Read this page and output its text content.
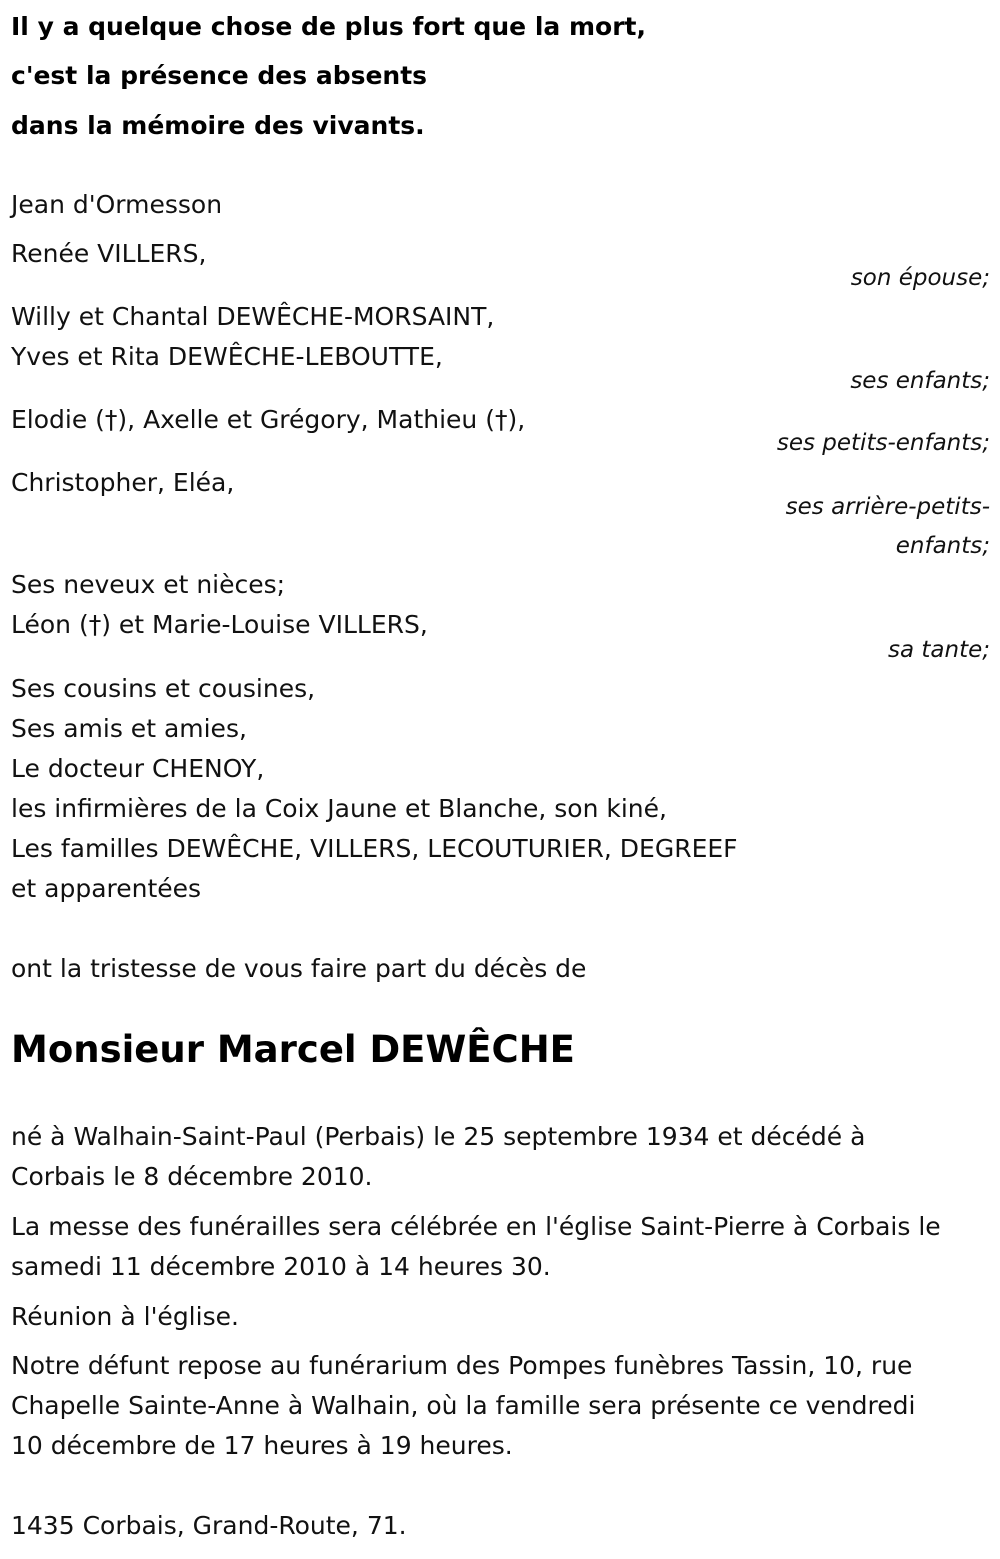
Il y a quelque chose de plus fort que la mort,

c'est la présence des absents

dans la mémoire des vivants.

Jean d'Ormesson

Renée VILLERS,

son épouse;

Willy et Chantal DEWÊCHE-MORSAINT,

Yves et Rita DEWÊCHE-LEBOUTTE,

ses enfants;

Elodie (†), Axelle et Grégory, Mathieu (†),

ses petits-enfants;

Christopher, Eléa,

ses arrière-petits-

enfants;

Ses neveux et nièces;

Léon (†) et Marie-Louise VILLERS,

sa tante;

Ses cousins et cousines,

Ses amis et amies,

Le docteur CHENOY,

les infirmières de la Coix Jaune et Blanche, son kiné,

Les familles DEWÊCHE, VILLERS, LECOUTURIER, DEGREEF

et apparentées

ont la tristesse de vous faire part du décès de

Monsieur Marcel DEWÊCHE

né à Walhain-Saint-Paul (Perbais) le 25 septembre 1934 et décédé à

Corbais le 8 décembre 2010.

La messe des funérailles sera célébrée en l'église Saint-Pierre à Corbais le

samedi 11 décembre 2010 à 14 heures 30.

Réunion à l'église.

Notre défunt repose au funérarium des Pompes funèbres Tassin, 10, rue

Chapelle Sainte-Anne à Walhain, où la famille sera présente ce vendredi

10 décembre de 17 heures à 19 heures.

1435 Corbais, Grand-Route, 71.
